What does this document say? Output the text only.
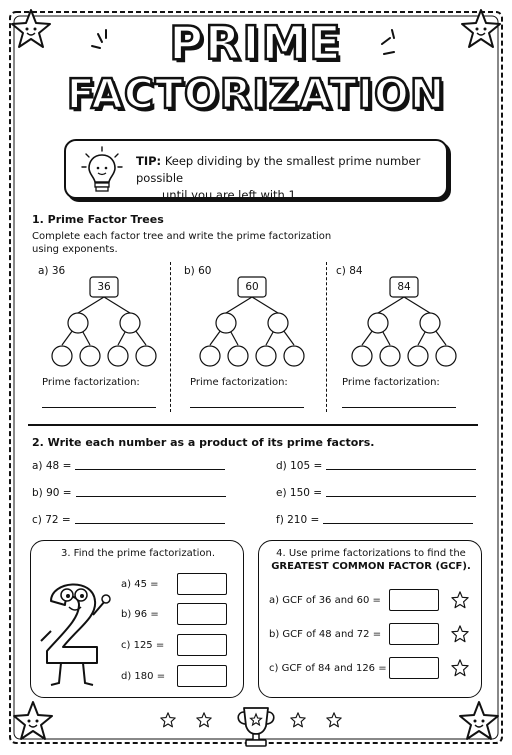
PRIME
FACTORIZATION
TIP: Keep dividing by the smallest prime number possible
until you are left with 1.
1. Prime Factor Trees
Complete each factor tree and write the prime factorization
using exponents.
a) 36
36
Prime factorization:
b) 60
60
Prime factorization:
c) 84
84
Prime factorization:
2. Write each number as a product of its prime factors.
a) 48 =
b) 90 =
c) 72 =
d) 105 =
e) 150 =
f) 210 =
3. Find the prime factorization.
a) 45 =
b) 96 =
c) 125 =
d) 180 =
4. Use prime factorizations to find the
GREATEST COMMON FACTOR (GCF).
a) GCF of 36 and 60 =
b) GCF of 48 and 72 =
c) GCF of 84 and 126 =
